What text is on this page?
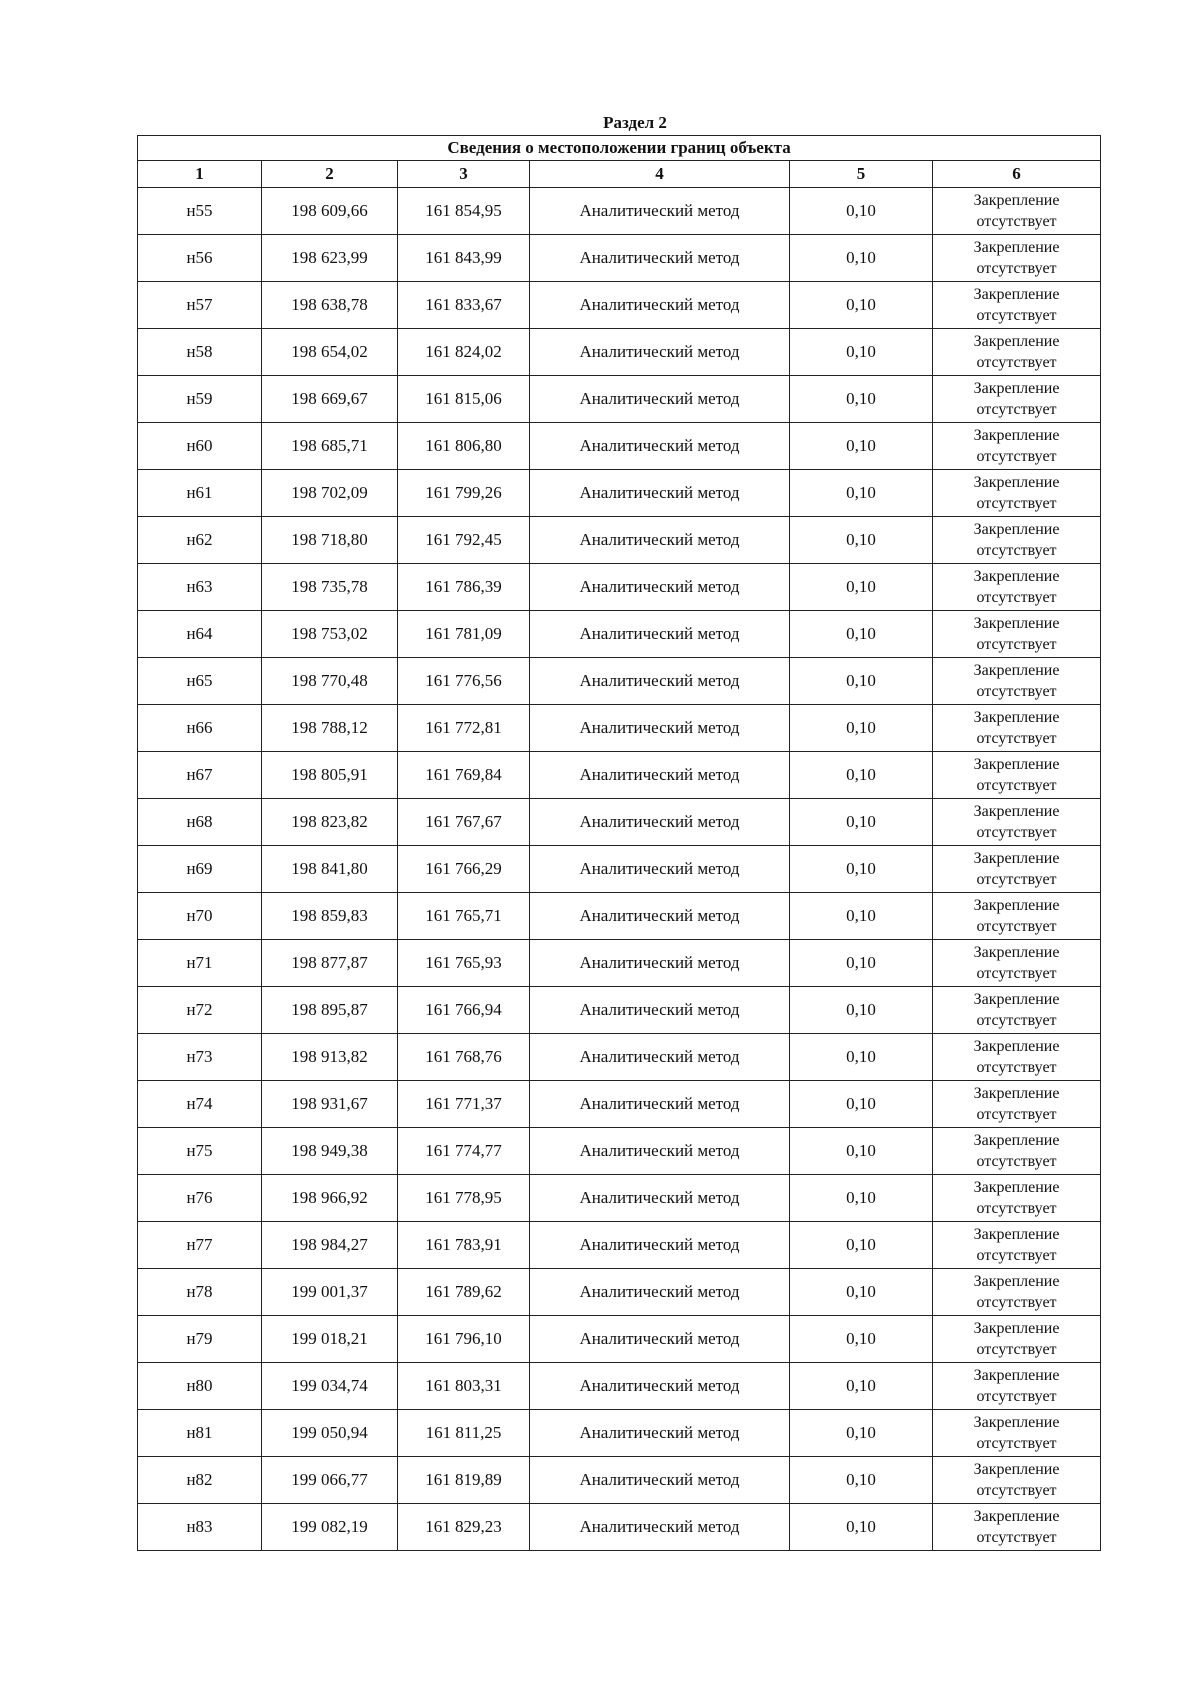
Раздел 2
Сведения о местоположении границ объекта					
1	2	3	4	5	6
н55	198 609,66	161 854,95	Аналитический метод	0,10	Закрепление
отсутствует

н56	198 623,99	161 843,99	Аналитический метод	0,10	Закрепление
отсутствует

н57	198 638,78	161 833,67	Аналитический метод	0,10	Закрепление
отсутствует

н58	198 654,02	161 824,02	Аналитический метод	0,10	Закрепление
отсутствует

н59	198 669,67	161 815,06	Аналитический метод	0,10	Закрепление
отсутствует

н60	198 685,71	161 806,80	Аналитический метод	0,10	Закрепление
отсутствует

н61	198 702,09	161 799,26	Аналитический метод	0,10	Закрепление
отсутствует

н62	198 718,80	161 792,45	Аналитический метод	0,10	Закрепление
отсутствует

н63	198 735,78	161 786,39	Аналитический метод	0,10	Закрепление
отсутствует

н64	198 753,02	161 781,09	Аналитический метод	0,10	Закрепление
отсутствует

н65	198 770,48	161 776,56	Аналитический метод	0,10	Закрепление
отсутствует

н66	198 788,12	161 772,81	Аналитический метод	0,10	Закрепление
отсутствует

н67	198 805,91	161 769,84	Аналитический метод	0,10	Закрепление
отсутствует

н68	198 823,82	161 767,67	Аналитический метод	0,10	Закрепление
отсутствует

н69	198 841,80	161 766,29	Аналитический метод	0,10	Закрепление
отсутствует

н70	198 859,83	161 765,71	Аналитический метод	0,10	Закрепление
отсутствует

н71	198 877,87	161 765,93	Аналитический метод	0,10	Закрепление
отсутствует

н72	198 895,87	161 766,94	Аналитический метод	0,10	Закрепление
отсутствует

н73	198 913,82	161 768,76	Аналитический метод	0,10	Закрепление
отсутствует

н74	198 931,67	161 771,37	Аналитический метод	0,10	Закрепление
отсутствует

н75	198 949,38	161 774,77	Аналитический метод	0,10	Закрепление
отсутствует

н76	198 966,92	161 778,95	Аналитический метод	0,10	Закрепление
отсутствует

н77	198 984,27	161 783,91	Аналитический метод	0,10	Закрепление
отсутствует

н78	199 001,37	161 789,62	Аналитический метод	0,10	Закрепление
отсутствует

н79	199 018,21	161 796,10	Аналитический метод	0,10	Закрепление
отсутствует

н80	199 034,74	161 803,31	Аналитический метод	0,10	Закрепление
отсутствует

н81	199 050,94	161 811,25	Аналитический метод	0,10	Закрепление
отсутствует

н82	199 066,77	161 819,89	Аналитический метод	0,10	Закрепление
отсутствует

н83	199 082,19	161 829,23	Аналитический метод	0,10	Закрепление
отсутствует
